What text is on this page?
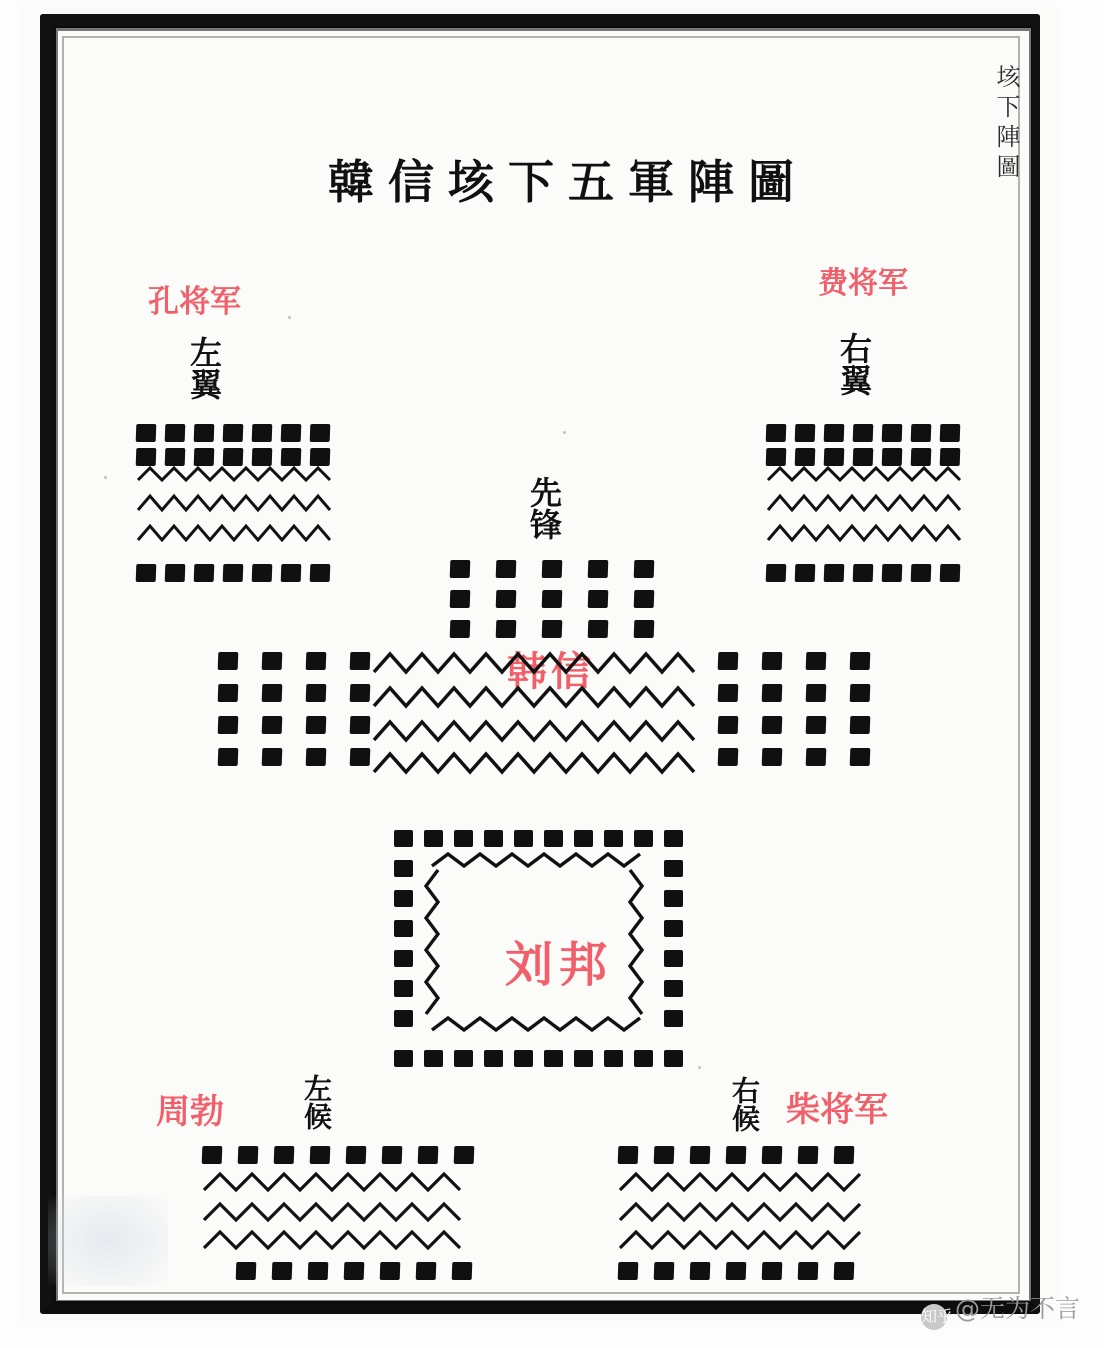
韓信垓下五軍陣圖	垓下陣圖
孔将军
左翼
费将军
右翼
先锋
韩信
刘邦
周勃	左候	右候 柴将军
知乎@无为不言
